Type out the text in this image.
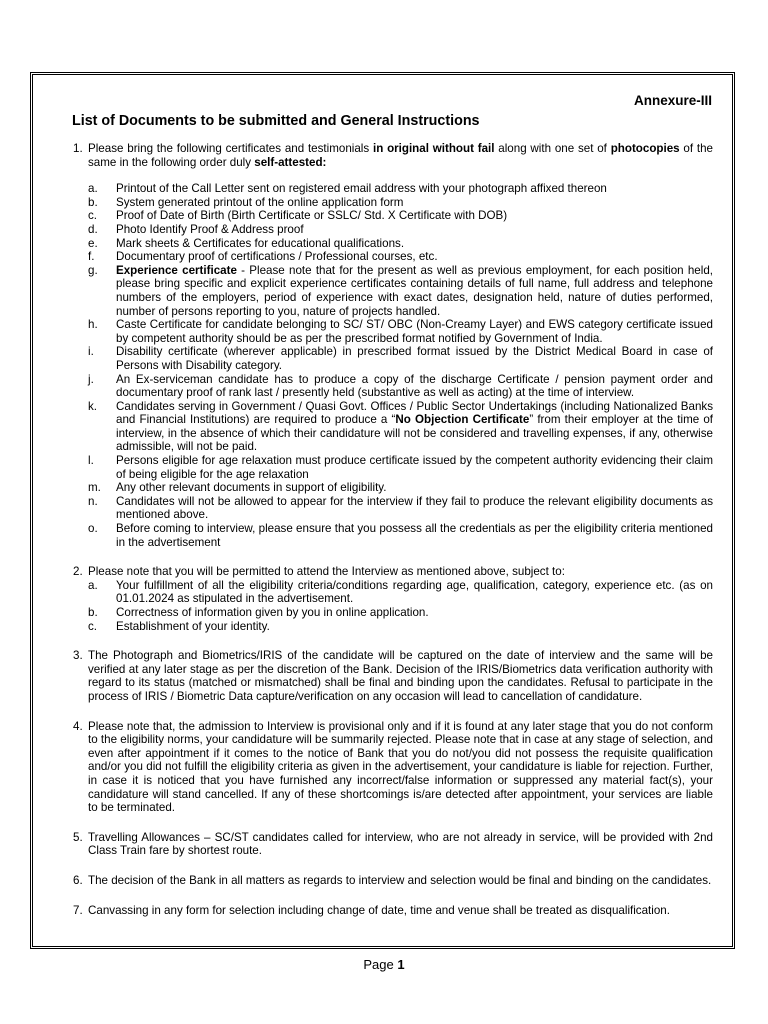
Annexure-III
List of Documents to be submitted and General Instructions
1. Please bring the following certificates and testimonials in original without fail along with one set of photocopies of the same in the following order duly self-attested:
a. Printout of the Call Letter sent on registered email address with your photograph affixed thereon
b. System generated printout of the online application form
c. Proof of Date of Birth (Birth Certificate or SSLC/ Std. X Certificate with DOB)
d. Photo Identify Proof & Address proof
e. Mark sheets & Certificates for educational qualifications.
f. Documentary proof of certifications / Professional courses, etc.
g. Experience certificate - Please note that for the present as well as previous employment, for each position held, please bring specific and explicit experience certificates containing details of full name, full address and telephone numbers of the employers, period of experience with exact dates, designation held, nature of duties performed, number of persons reporting to you, nature of projects handled.
h. Caste Certificate for candidate belonging to SC/ ST/ OBC (Non-Creamy Layer) and EWS category certificate issued by competent authority should be as per the prescribed format notified by Government of India.
i. Disability certificate (wherever applicable) in prescribed format issued by the District Medical Board in case of Persons with Disability category.
j. An Ex-serviceman candidate has to produce a copy of the discharge Certificate / pension payment order and documentary proof of rank last / presently held (substantive as well as acting) at the time of interview.
k. Candidates serving in Government / Quasi Govt. Offices / Public Sector Undertakings (including Nationalized Banks and Financial Institutions) are required to produce a “No Objection Certificate” from their employer at the time of interview, in the absence of which their candidature will not be considered and travelling expenses, if any, otherwise admissible, will not be paid.
l. Persons eligible for age relaxation must produce certificate issued by the competent authority evidencing their claim of being eligible for the age relaxation
m. Any other relevant documents in support of eligibility.
n. Candidates will not be allowed to appear for the interview if they fail to produce the relevant eligibility documents as mentioned above.
o. Before coming to interview, please ensure that you possess all the credentials as per the eligibility criteria mentioned in the advertisement
2. Please note that you will be permitted to attend the Interview as mentioned above, subject to:
a. Your fulfillment of all the eligibility criteria/conditions regarding age, qualification, category, experience etc. (as on 01.01.2024 as stipulated in the advertisement.
b. Correctness of information given by you in online application.
c. Establishment of your identity.
3. The Photograph and Biometrics/IRIS of the candidate will be captured on the date of interview and the same will be verified at any later stage as per the discretion of the Bank. Decision of the IRIS/Biometrics data verification authority with regard to its status (matched or mismatched) shall be final and binding upon the candidates. Refusal to participate in the process of IRIS / Biometric Data capture/verification on any occasion will lead to cancellation of candidature.
4. Please note that, the admission to Interview is provisional only and if it is found at any later stage that you do not conform to the eligibility norms, your candidature will be summarily rejected. Please note that in case at any stage of selection, and even after appointment if it comes to the notice of Bank that you do not/you did not possess the requisite qualification and/or you did not fulfill the eligibility criteria as given in the advertisement, your candidature is liable for rejection. Further, in case it is noticed that you have furnished any incorrect/false information or suppressed any material fact(s), your candidature will stand cancelled. If any of these shortcomings is/are detected after appointment, your services are liable to be terminated.
5. Travelling Allowances – SC/ST candidates called for interview, who are not already in service, will be provided with 2nd Class Train fare by shortest route.
6. The decision of the Bank in all matters as regards to interview and selection would be final and binding on the candidates.
7. Canvassing in any form for selection including change of date, time and venue shall be treated as disqualification.
Page 1
